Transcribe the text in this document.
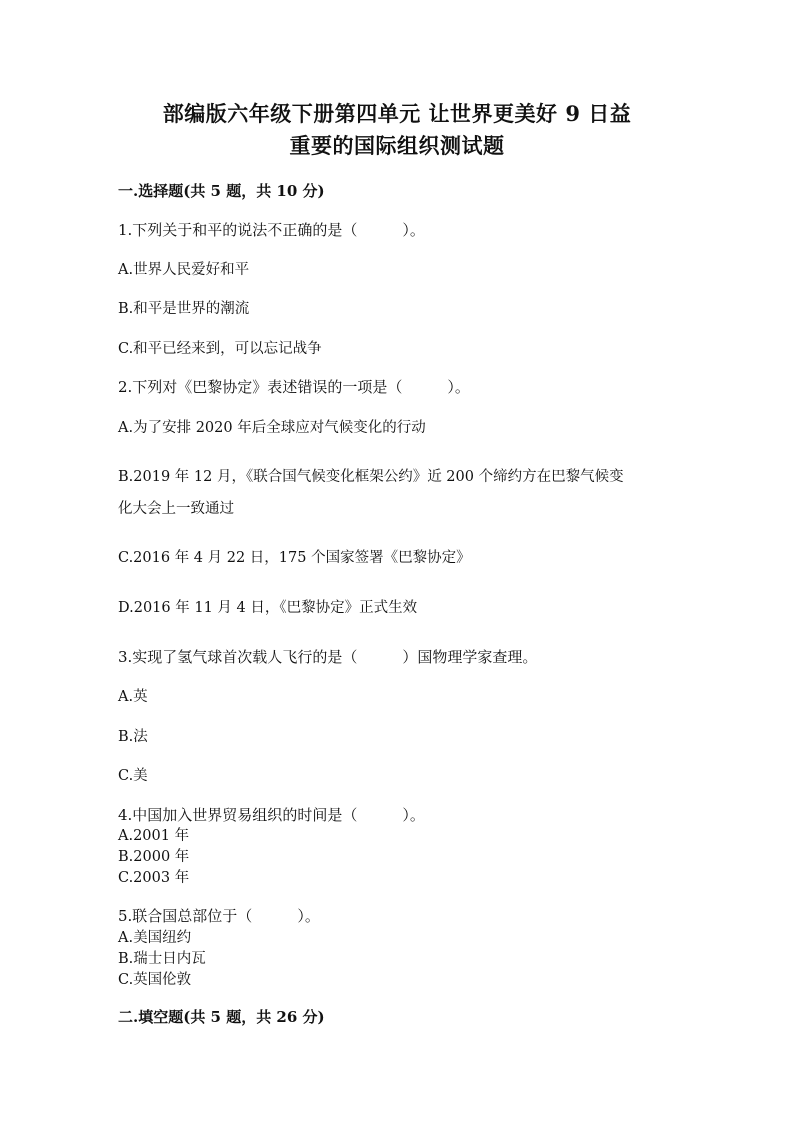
部编版六年级下册第四单元 让世界更美好 9 日益
重要的国际组织测试题
一.选择题(共 5 题，共 10 分)
1.下列关于和平的说法不正确的是（　　　）。
A.世界人民爱好和平
B.和平是世界的潮流
C.和平已经来到，可以忘记战争
2.下列对《巴黎协定》表述错误的一项是（　　　）。
A.为了安排 2020 年后全球应对气候变化的行动
B.2019 年 12 月，《联合国气候变化框架公约》近 200 个缔约方在巴黎气候变
化大会上一致通过
C.2016 年 4 月 22 日，175 个国家签署《巴黎协定》
D.2016 年 11 月 4 日，《巴黎协定》正式生效
3.实现了氢气球首次载人飞行的是（　　　）国物理学家查理。
A.英
B.法
C.美
4.中国加入世界贸易组织的时间是（　　　）。
A.2001 年
B.2000 年
C.2003 年
5.联合国总部位于（　　　）。
A.美国纽约
B.瑞士日内瓦
C.英国伦敦
二.填空题(共 5 题，共 26 分)
